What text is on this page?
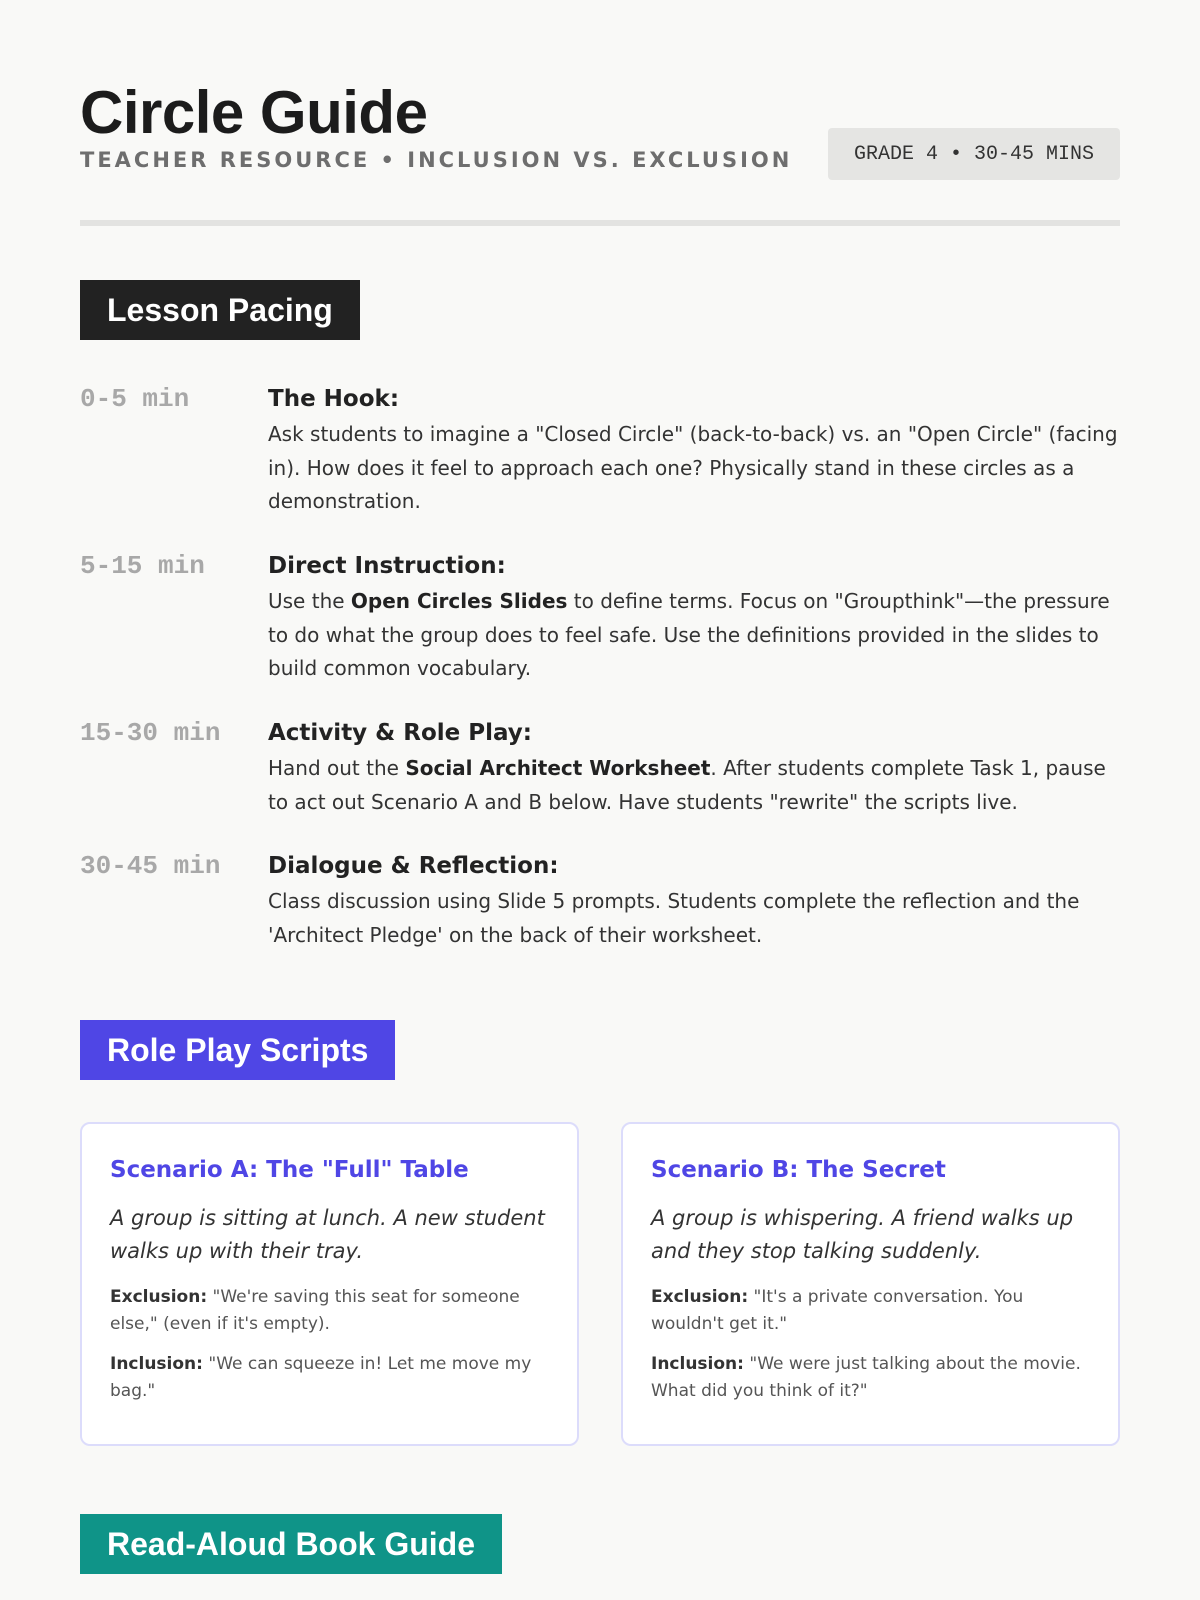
Circle Guide
TEACHER RESOURCE • INCLUSION VS. EXCLUSION	GRADE 4 • 30-45 MINS
Lesson Pacing
0-5 min	The Hook:
Ask students to imagine a "Closed Circle" (back-to-back) vs. an "Open Circle" (facing in). How does it feel to approach each one? Physically stand in these circles as a demonstration.
5-15 min	Direct Instruction:
Use the Open Circles Slides to define terms. Focus on "Groupthink"—the pressure to do what the group does to feel safe. Use the definitions provided in the slides to build common vocabulary.
15-30 min Activity & Role Play:
Hand out the Social Architect Worksheet. After students complete Task 1, pause to act out Scenario A and B below. Have students "rewrite" the scripts live.
30-45 min Dialogue & Reflection:
Class discussion using Slide 5 prompts. Students complete the reflection and the 'Architect Pledge' on the back of their worksheet.
Role Play Scripts
Scenario A: The "Full" Table
A group is sitting at lunch. A new student walks up with their tray.
Exclusion: "We're saving this seat for someone else," (even if it's empty).
Inclusion: "We can squeeze in! Let me move my bag."
Scenario B: The Secret
A group is whispering. A friend walks up and they stop talking suddenly.
Exclusion: "It's a private conversation. You wouldn't get it."
Inclusion: "We were just talking about the movie. What did you think of it?"
Read-Aloud Book Guide
